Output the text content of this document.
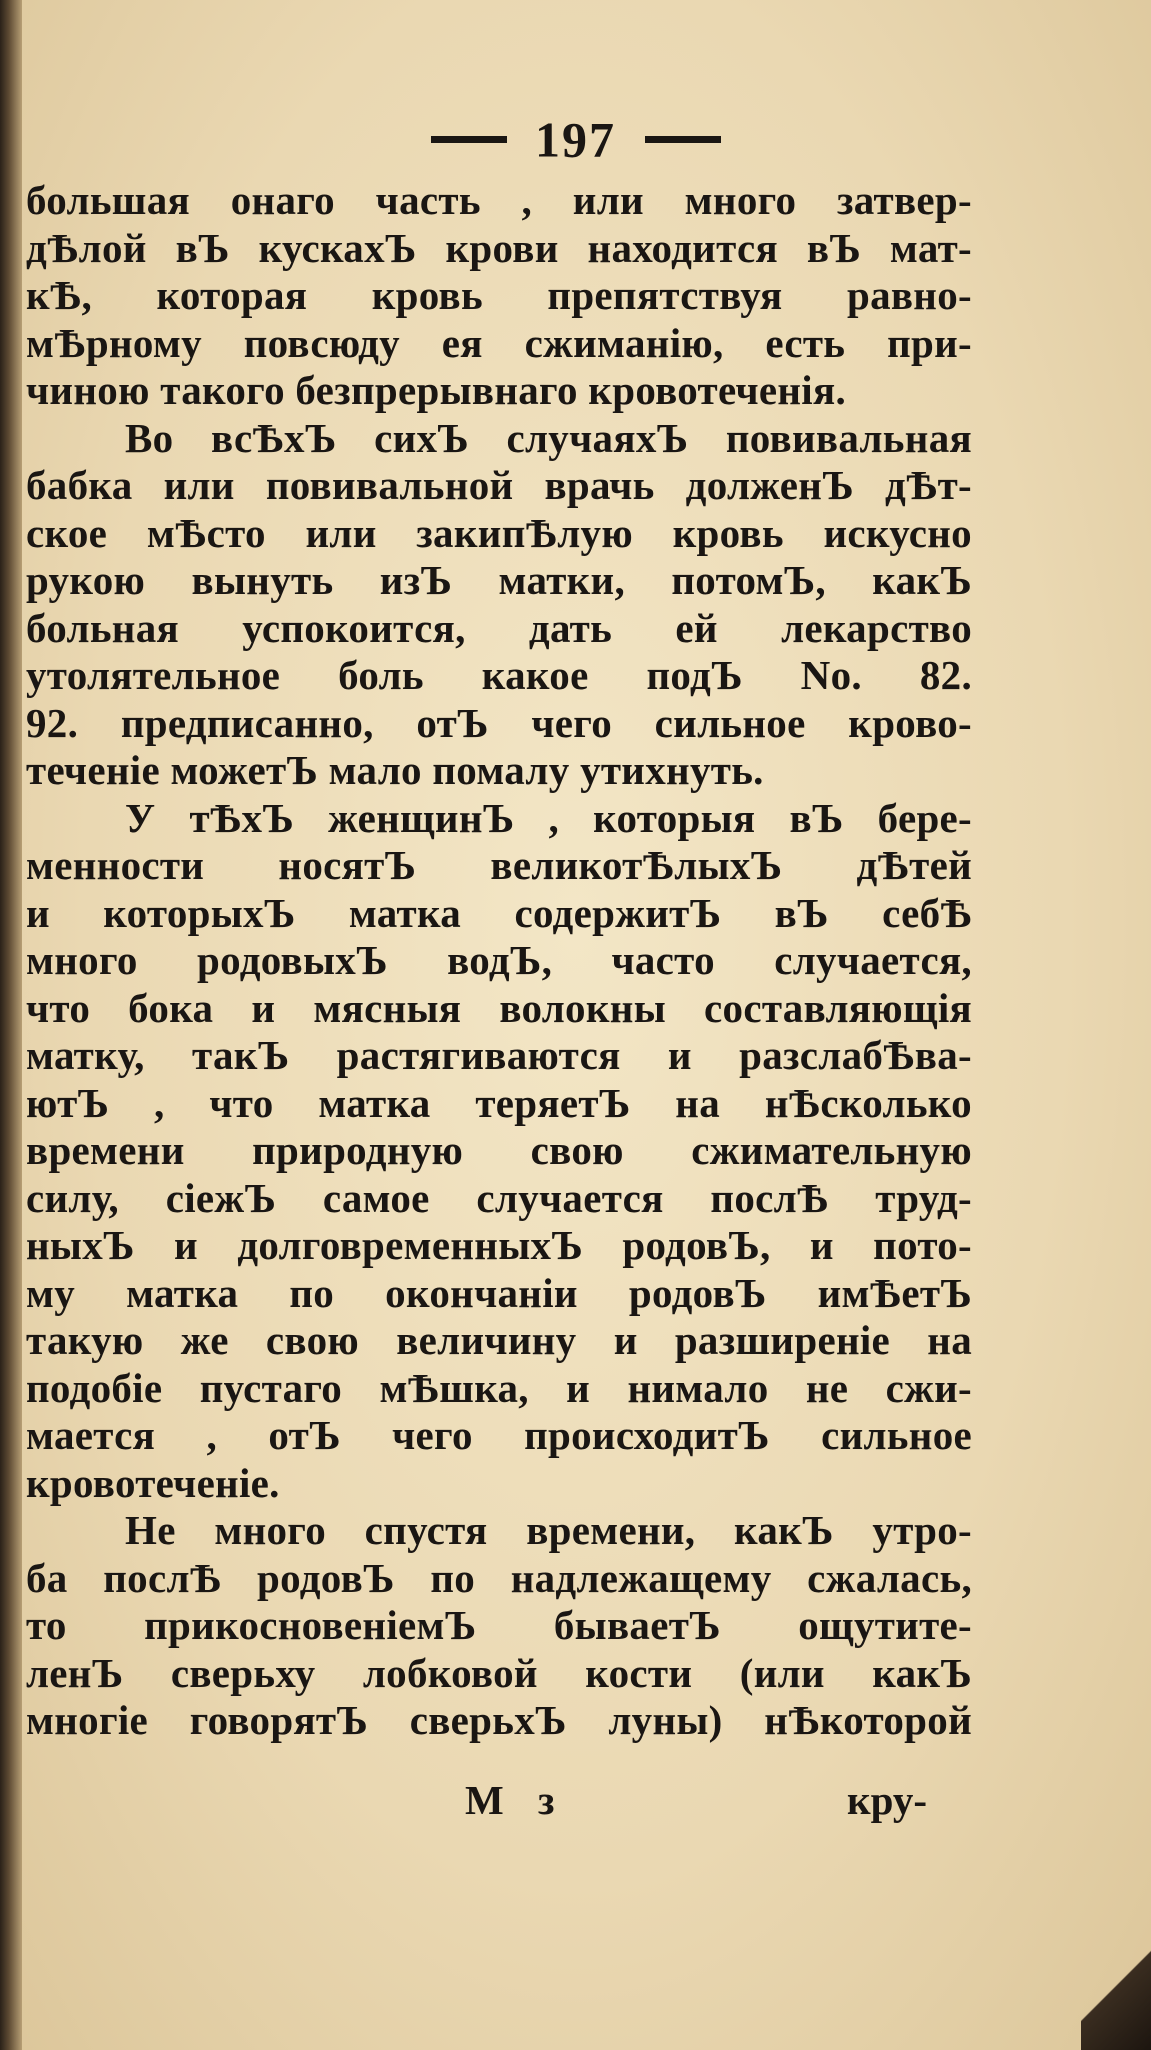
197
большая онаго часть , или много затвер-
дѢлой вЪ кускахЪ крови находится вЪ мат-
кѢ, которая кровь препятствуя равно-
мѢрному повсюду ея сжиманію, есть при-
чиною такого безпрерывнаго кровотеченія.
Во всѢхЪ сихЪ случаяхЪ повивальная
бабка или повивальной врачь долженЪ дѢт-
ское мѢсто или закипѢлую кровь искусно
рукою вынуть изЪ матки, потомЪ, какЪ
больная успокоится, дать ей лекарство
утолятельное боль какое подЪ No. 82.
92. предписанно, отЪ чего сильное крово-
теченіе можетЪ мало помалу утихнуть.
У тѢхЪ женщинЪ , которыя вЪ бере-
менности носятЪ великотѢлыхЪ дѢтей
и которыхЪ матка содержитЪ вЪ себѢ
много родовыхЪ водЪ, часто случается,
что бока и мясныя волокны составляющія
матку, такЪ растягиваются и разслабѢва-
ютЪ , что матка теряетЪ на нѢсколько
времени природную свою сжимательную
силу, сіежЪ самое случается послѢ труд-
ныхЪ и долговременныхЪ родовЪ, и пото-
му матка по окончаніи родовЪ имѢетЪ
такую же свою величину и разширеніе на
подобіе пустаго мѢшка, и нимало не сжи-
мается , отЪ чего происходитЪ сильное
кровотеченіе.
Не много спустя времени, какЪ утро-
ба послѢ родовЪ по надлежащему сжалась,
то прикосновеніемЪ бываетЪ ощутите-
ленЪ сверьху лобковой кости (или какЪ
многіе говорятЪ сверьхЪ луны) нѢкоторой
М з	кру-
